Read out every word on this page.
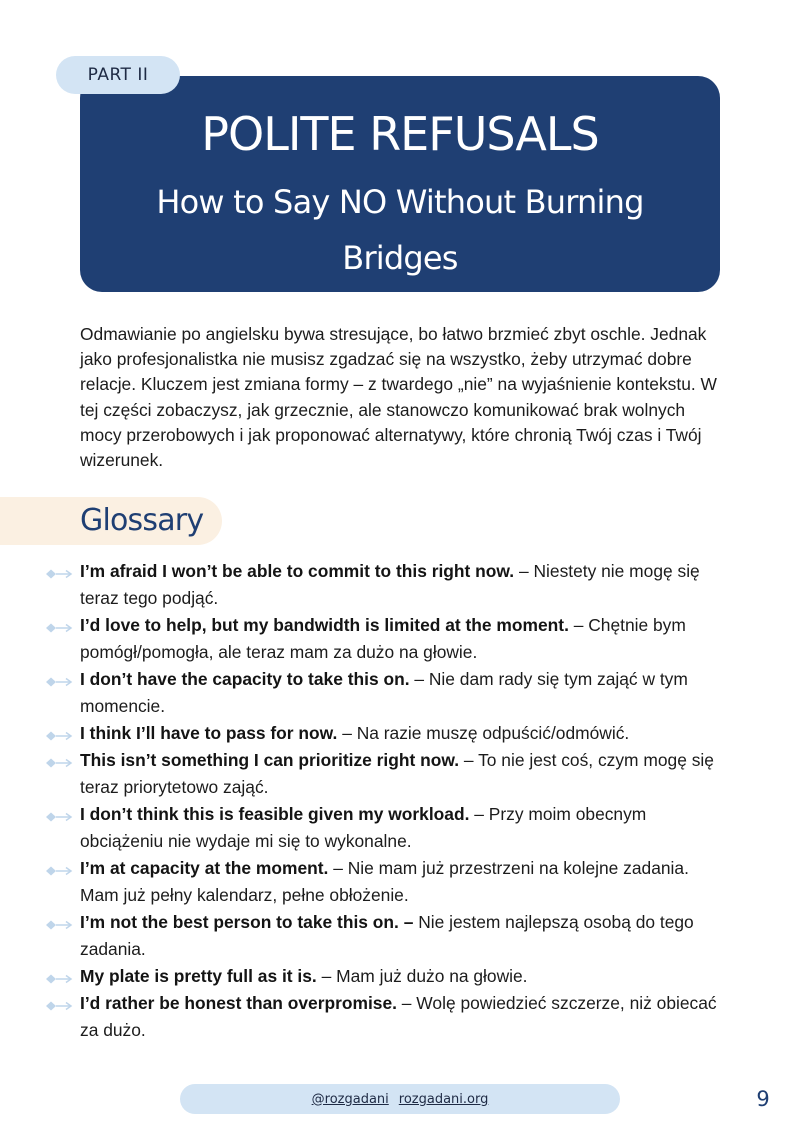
POLITE REFUSALS
How to Say NO Without Burning Bridges
PART II
Odmawianie po angielsku bywa stresujące, bo łatwo brzmieć zbyt oschle. Jednak jako profesjonalistka nie musisz zgadzać się na wszystko, żeby utrzymać dobre relacje. Kluczem jest zmiana formy – z twardego „nie” na wyjaśnienie kontekstu. W tej części zobaczysz, jak grzecznie, ale stanowczo komunikować brak wolnych mocy przerobowych i jak proponować alternatywy, które chronią Twój czas i Twój wizerunek.
Glossary
I’m afraid I won’t be able to commit to this right now. – Niestety nie mogę się teraz tego podjąć.
I’d love to help, but my bandwidth is limited at the moment. – Chętnie bym pomógł/pomogła, ale teraz mam za dużo na głowie.
I don’t have the capacity to take this on. – Nie dam rady się tym zająć w tym momencie.
I think I’ll have to pass for now. – Na razie muszę odpuścić/odmówić.
This isn’t something I can prioritize right now. – To nie jest coś, czym mogę się teraz priorytetowo zająć.
I don’t think this is feasible given my workload. – Przy moim obecnym obciążeniu nie wydaje mi się to wykonalne.
I’m at capacity at the moment. – Nie mam już przestrzeni na kolejne zadania. Mam już pełny kalendarz, pełne obłożenie.
I’m not the best person to take this on. – Nie jestem najlepszą osobą do tego zadania.
My plate is pretty full as it is. – Mam już dużo na głowie.
I’d rather be honest than overpromise. – Wolę powiedzieć szczerze, niż obiecać za dużo.
@rozgadani rozgadani.org	9
